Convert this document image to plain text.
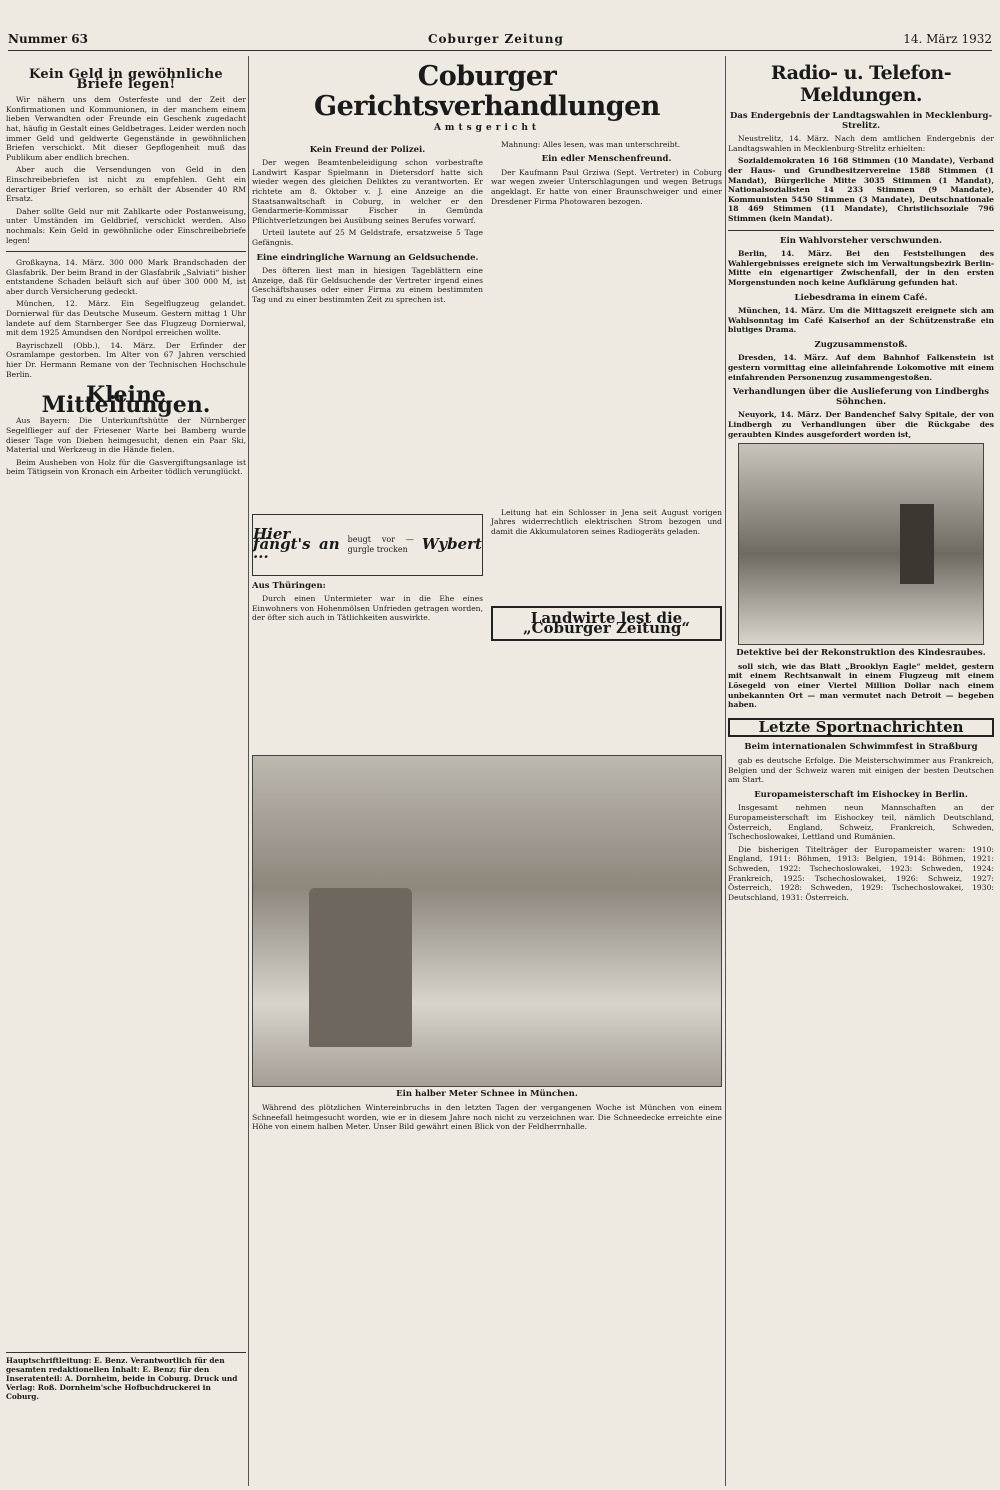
Nummer 63	Coburger Zeitung	14. März 1932
Kein Geld in gewöhnliche Briefe legen!

Wir nähern uns dem Osterfeste und der Zeit der Konfirmationen und Kommunionen, in der manchem einem lieben Verwandten oder Freunde ein Geschenk zugedacht hat, häufig in Gestalt eines Geldbetrages. Leider werden noch immer Geld und geldwerte Gegenstände in gewöhnlichen Briefen verschickt. Mit dieser Gepflogenheit muß das Publikum aber endlich brechen.

Aber auch die Versendungen von Geld in den Einschreibebriefen ist nicht zu empfehlen. Geht ein derartiger Brief verloren, so erhält der Absender 40 RM Ersatz.

Daher sollte Geld nur mit Zahlkarte oder Postanweisung, unter Umständen im Geldbrief, verschickt werden. Also nochmals: Kein Geld in gewöhnliche oder Einschreibebriefe legen!

Großkayna, 14. März. 300 000 Mark Brandschaden der Glasfabrik. Der beim Brand in der Glasfabrik „Salviati“ bisher entstandene Schaden beläuft sich auf über 300 000 M, ist aber durch Versicherung gedeckt.

München, 12. März. Ein Segelflugzeug gelandet. Dornierwal für das Deutsche Museum. Gestern mittag 1 Uhr landete auf dem Starnberger See das Flugzeug Dornierwal, mit dem 1925 Amundsen den Nordpol erreichen wollte.

Bayrischzell (Obb.), 14. März. Der Erfinder der Osramlampe gestorben. Im Alter von 67 Jahren verschied hier Dr. Hermann Remane von der Technischen Hochschule Berlin.

Kleine Mitteilungen.

Aus Bayern: Die Unterkunftshütte der Nürnberger Segelflieger auf der Friesener Warte bei Bamberg wurde dieser Tage von Dieben heimgesucht, denen ein Paar Ski, Material und Werkzeug in die Hände fielen.

Beim Ausheben von Holz für die Gasvergiftungsanlage ist beim Tätigsein von Kronach ein Arbeiter tödlich verunglückt.

Hauptschriftleitung: E. Benz. Verantwortlich für den gesamten redaktionellen Inhalt: E. Benz; für den Inseratenteil: A. Dornheim, beide in Coburg. Druck und Verlag: Roß. Dornheim'sche Hofbuchdruckerei in Coburg.
Coburger Gerichtsverhandlungen
Amtsgericht
Kein Freund der Polizei.

Der wegen Beamtenbeleidigung schon vorbestrafte Landwirt Kaspar Spielmann in Dietersdorf hatte sich wieder wegen des gleichen Deliktes zu verantworten. Er richtete am 8. Oktober v. J. eine Anzeige an die Staatsanwaltschaft in Coburg, in welcher er den Gendarmerie-Kommissar Fischer in Gemünda Pflichtverletzungen bei Ausübung seines Berufes vorwarf.

Urteil lautete auf 25 M Geldstrafe, ersatzweise 5 Tage Gefängnis.

Eine eindringliche Warnung an Geldsuchende.

Des öfteren liest man in hiesigen Tageblättern eine Anzeige, daß für Geldsuchende der Vertreter irgend eines Geschäftshauses oder einer Firma zu einem bestimmten Tag und zu einer bestimmten Zeit zu sprechen ist.

Mahnung: Alles lesen, was man unterschreibt.

Ein edler Menschenfreund.

Der Kaufmann Paul Grziwa (Sept. Vertreter) in Coburg war wegen zweier Unterschlagungen und wegen Betrugs angeklagt. Er hatte von einer Braunschweiger und einer Dresdener Firma Photowaren bezogen.

Hier fängt's an ...
beugt vor — gurgle trocken Wybert
Aus Thüringen:

Durch einen Untermieter war in die Ehe eines Einwohners von Hohenmölsen Unfrieden getragen worden, der öfter sich auch in Tätlichkeiten auswirkte.

Leitung hat ein Schlosser in Jena seit August vorigen Jahres widerrechtlich elektrischen Strom bezogen und damit die Akkumulatoren seines Radiogeräts geladen.

Landwirte lest die „Coburger Zeitung“
Ein halber Meter Schnee in München.

Während des plötzlichen Wintereinbruchs in den letzten Tagen der vergangenen Woche ist München von einem Schneefall heimgesucht worden, wie er in diesem Jahre noch nicht zu verzeichnen war. Die Schneedecke erreichte eine Höhe von einem halben Meter. Unser Bild gewährt einen Blick von der Feldherrnhalle.

Radio- u. Telefon-Meldungen.
Das Endergebnis der Landtagswahlen in Mecklenburg-Strelitz.

Neustrelitz, 14. März. Nach dem amtlichen Endergebnis der Landtagswahlen in Mecklenburg-Strelitz erhielten:

Sozialdemokraten 16 168 Stimmen (10 Mandate), Verband der Haus- und Grundbesitzervereine 1588 Stimmen (1 Mandat), Bürgerliche Mitte 3035 Stimmen (1 Mandat), Nationalsozialisten 14 233 Stimmen (9 Mandate), Kommunisten 5450 Stimmen (3 Mandate), Deutschnationale 18 469 Stimmen (11 Mandate), Christlichsoziale 796 Stimmen (kein Mandat).

Ein Wahlvorsteher verschwunden.

Berlin, 14. März. Bei den Feststellungen des Wahlergebnisses ereignete sich im Verwaltungsbezirk Berlin-Mitte ein eigenartiger Zwischenfall, der in den ersten Morgenstunden noch keine Aufklärung gefunden hat.

Liebesdrama in einem Café.

München, 14. März. Um die Mittagszeit ereignete sich am Wahlsonntag im Café Kaiserhof an der Schützenstraße ein blutiges Drama.

Zugzusammenstoß.

Dresden, 14. März. Auf dem Bahnhof Falkenstein ist gestern vormittag eine alleinfahrende Lokomotive mit einem einfahrenden Personenzug zusammengestoßen.

Verhandlungen über die Auslieferung von Lindberghs Söhnchen.

Neuyork, 14. März. Der Bandenchef Salvy Spitale, der von Lindbergh zu Verhandlungen über die Rückgabe des geraubten Kindes ausgefordert worden ist,

Detektive bei der Rekonstruktion des Kindesraubes.

soll sich, wie das Blatt „Brooklyn Eagle“ meldet, gestern mit einem Rechtsanwalt in einem Flugzeug mit einem Lösegeld von einer Viertel Million Dollar nach einem unbekannten Ort — man vermutet nach Detroit — begeben haben.

Letzte Sportnachrichten
Beim internationalen Schwimmfest in Straßburg

gab es deutsche Erfolge. Die Meisterschwimmer aus Frankreich, Belgien und der Schweiz waren mit einigen der besten Deutschen am Start.

Europameisterschaft im Eishockey in Berlin.

Insgesamt nehmen neun Mannschaften an der Europameisterschaft im Eishockey teil, nämlich Deutschland, Österreich, England, Schweiz, Frankreich, Schweden, Tschechoslowakei, Lettland und Rumänien.

Die bisherigen Titelträger der Europameister waren: 1910: England, 1911: Böhmen, 1913: Belgien, 1914: Böhmen, 1921: Schweden, 1922: Tschechoslowakei, 1923: Schweden, 1924: Frankreich, 1925: Tschechoslowakei, 1926: Schweiz, 1927: Österreich, 1928: Schweden, 1929: Tschechoslowakei, 1930: Deutschland, 1931: Österreich.
